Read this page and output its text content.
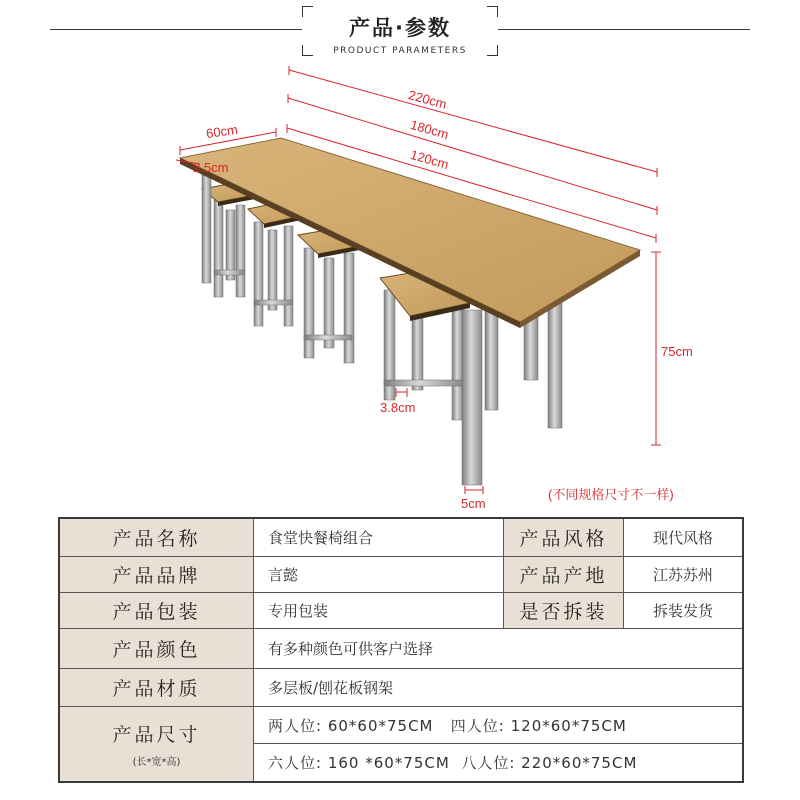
产品·参数
PRODUCT PARAMETERS
220cm
180cm
120cm
60cm
2.5cm
75cm
3.8cm
5cm
(不同规格尺寸不一样)
产品名称	食堂快餐椅组合	产品风格	现代风格
产品品牌	言懿	产品产地	江苏苏州
产品包装	专用包装	是否拆装	拆装发货
产品颜色	有多种颜色可供客户选择
产品材质	多层板/刨花板钢架
产品尺寸
(长*宽*高)
两人位: 60*60*75CM   四人位: 120*60*75CM
六人位: 160 *60*75CM  八人位: 220*60*75CM
